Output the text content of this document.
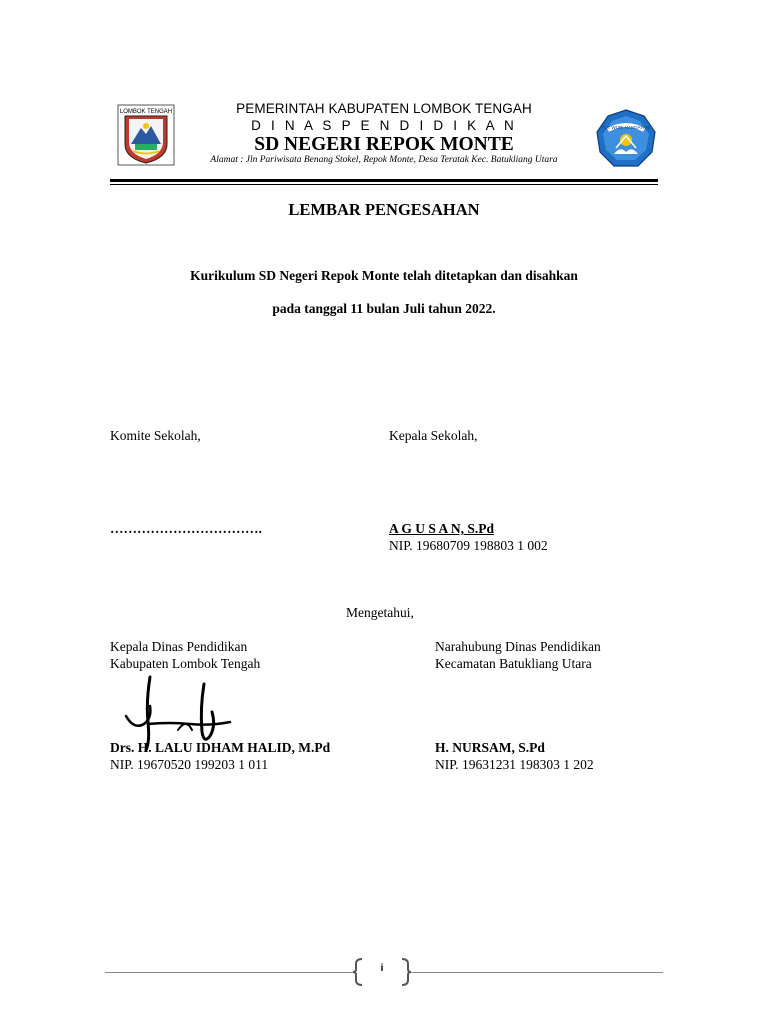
LOMBOK TENGAH	PEMERINTAH KABUPATEN LOMBOK TENGAH
D I N A S P E N D I D I K A N
SD NEGERI REPOK MONTE
Alamat : Jln Pariwisata Benang Stokel, Repok Monte, Desa Teratak Kec. Batukliang Utara
TUT WURI HANDAYANI
LEMBAR PENGESAHAN
Kurikulum SD Negeri Repok Monte telah ditetapkan dan disahkan
pada tanggal 11 bulan Juli tahun 2022.
Komite Sekolah,	Kepala Sekolah,
…………………………….	A G U S A N, S.Pd
NIP. 19680709 198803 1 002
Mengetahui,
Kepala Dinas Pendidikan
Kabupaten Lombok Tengah
Narahubung Dinas Pendidikan
Kecamatan Batukliang Utara
Drs. H. LALU IDHAM HALID, M.Pd
NIP. 19670520 199203 1 011
H. NURSAM, S.Pd
NIP. 19631231 198303 1 202
i
